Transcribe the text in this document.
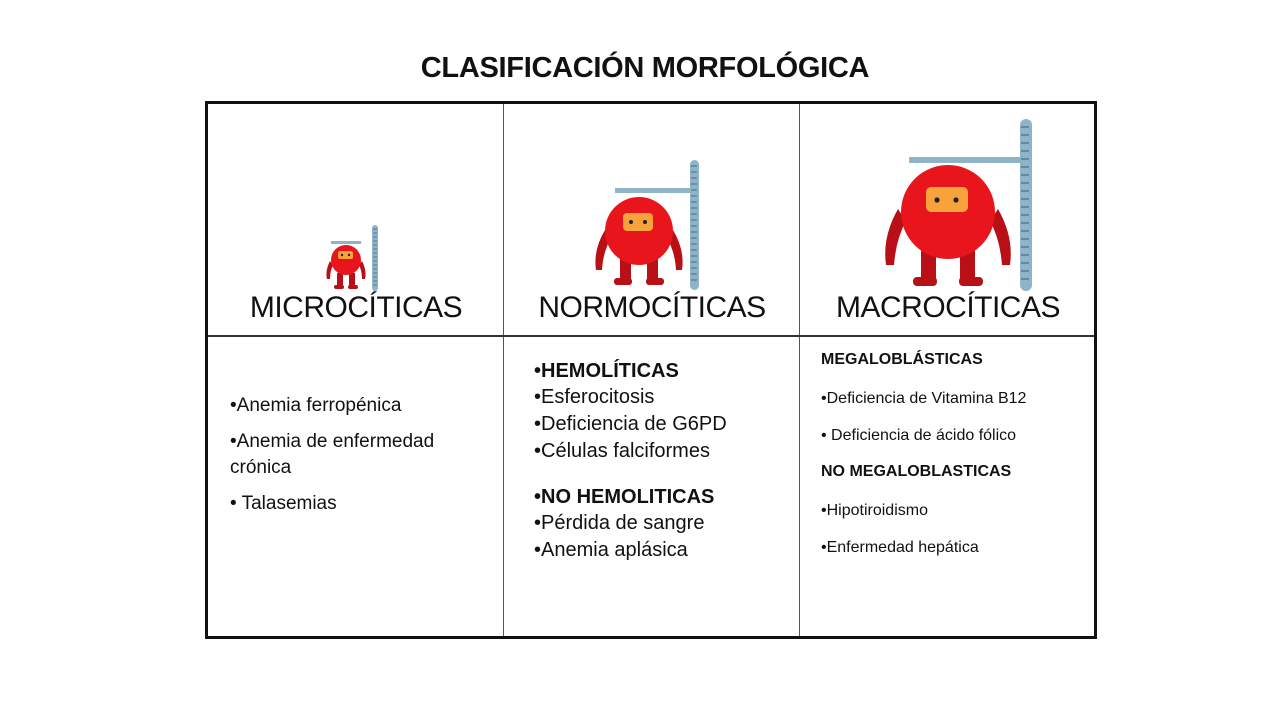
CLASIFICACIÓN MORFOLÓGICA
MICROCÍTICAS	NORMOCÍTICAS	MACROCÍTICAS
• Anemia ferropénica
• Anemia de enfermedad crónica
• Talasemias
• HEMOLÍTICAS
• Esferocitosis
• Deficiencia de G6PD
• Células falciformes
• NO HEMOLITICAS
• Pérdida de sangre
• Anemia aplásica
MEGALOBLÁSTICAS
• Deficiencia de Vitamina B12
• Deficiencia de ácido fólico
NO MEGALOBLASTICAS
• Hipotiroidismo
• Enfermedad hepática
